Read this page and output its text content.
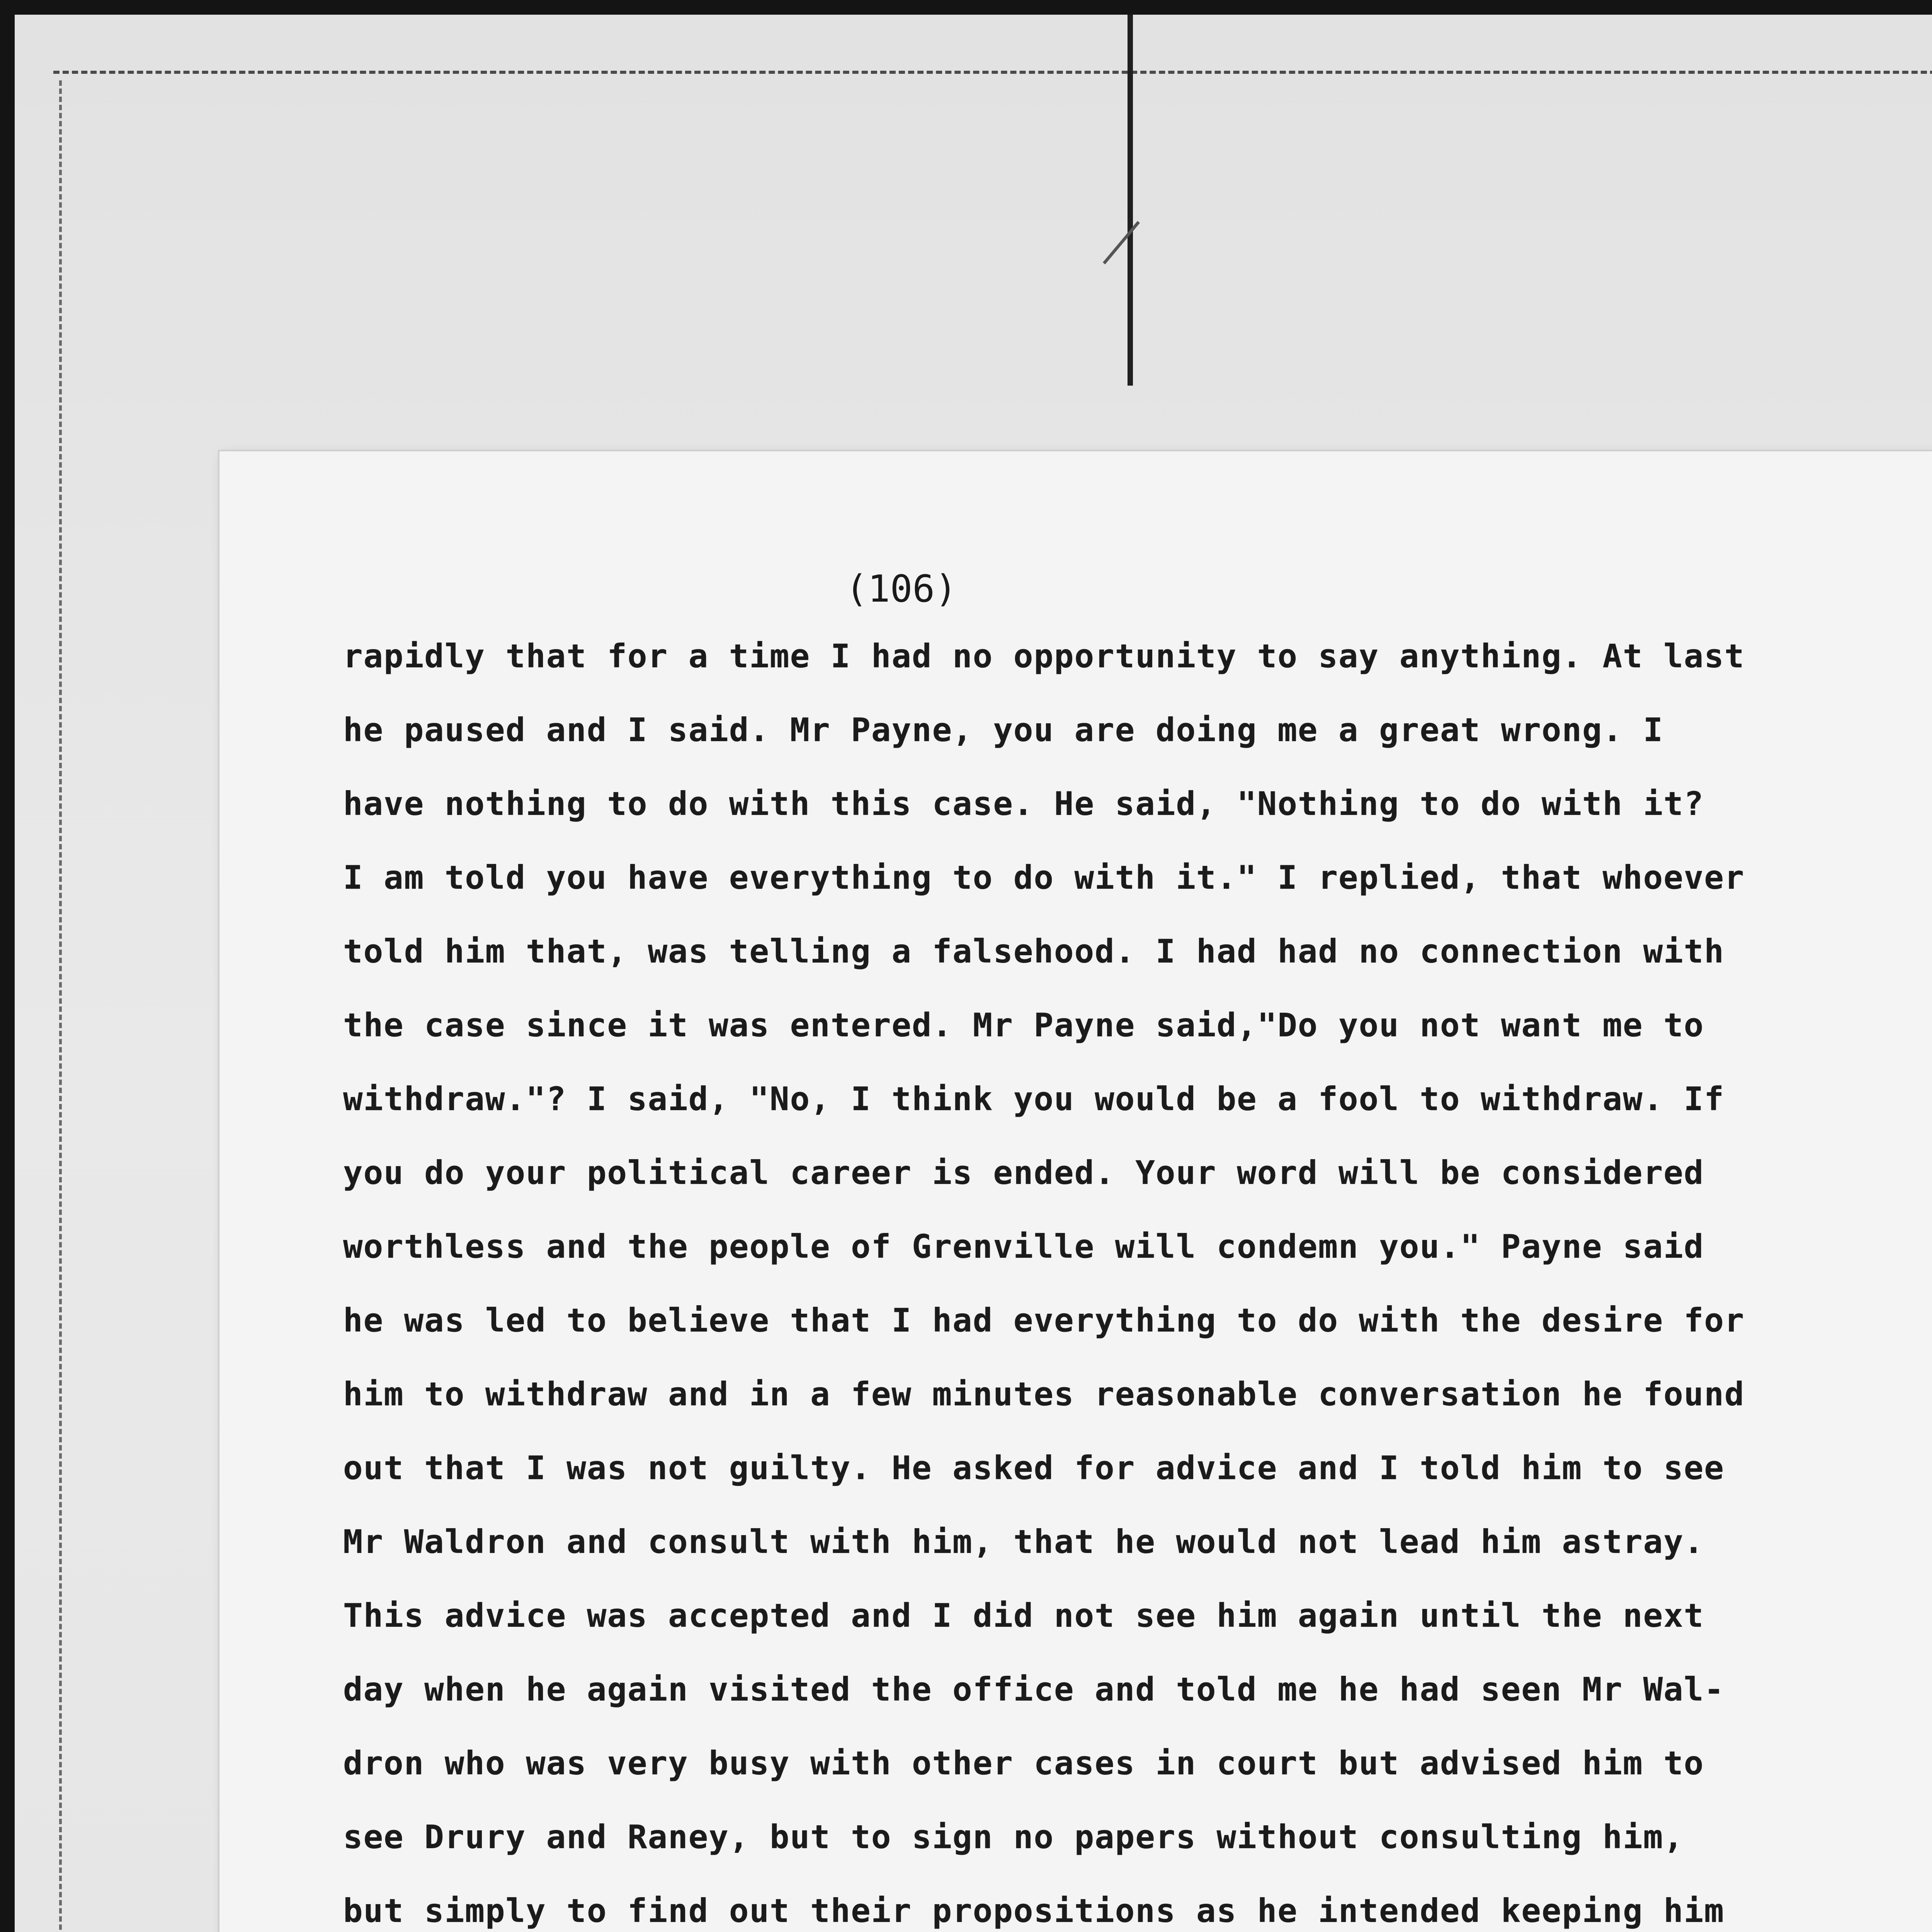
(106)
rapidly that for a time I had no opportunity to say anything. At last
he paused and I said. Mr Payne, you are doing me a great wrong. I
have nothing to do with this case. He said, "Nothing to do with it?
I am told you have everything to do with it." I replied, that whoever
told him that, was telling a falsehood. I had had no connection with
the case since it was entered. Mr Payne said,"Do you not want me to
withdraw."? I said, "No, I think you would be a fool to withdraw. If
you do your political career is ended. Your word will be considered
worthless and the people of Grenville will condemn you." Payne said
he was led to believe that I had everything to do with the desire for
him to withdraw and in a few minutes reasonable conversation he found
out that I was not guilty. He asked for advice and I told him to see
Mr Waldron and consult with him, that he would not lead him astray.
This advice was accepted and I did not see him again until the next
day when he again visited the office and told me he had seen Mr Wal-
dron who was very busy with other cases in court but advised him to
see Drury and Raney, but to sign no papers without consulting him,
but simply to find out their propositions as he intended keeping him
